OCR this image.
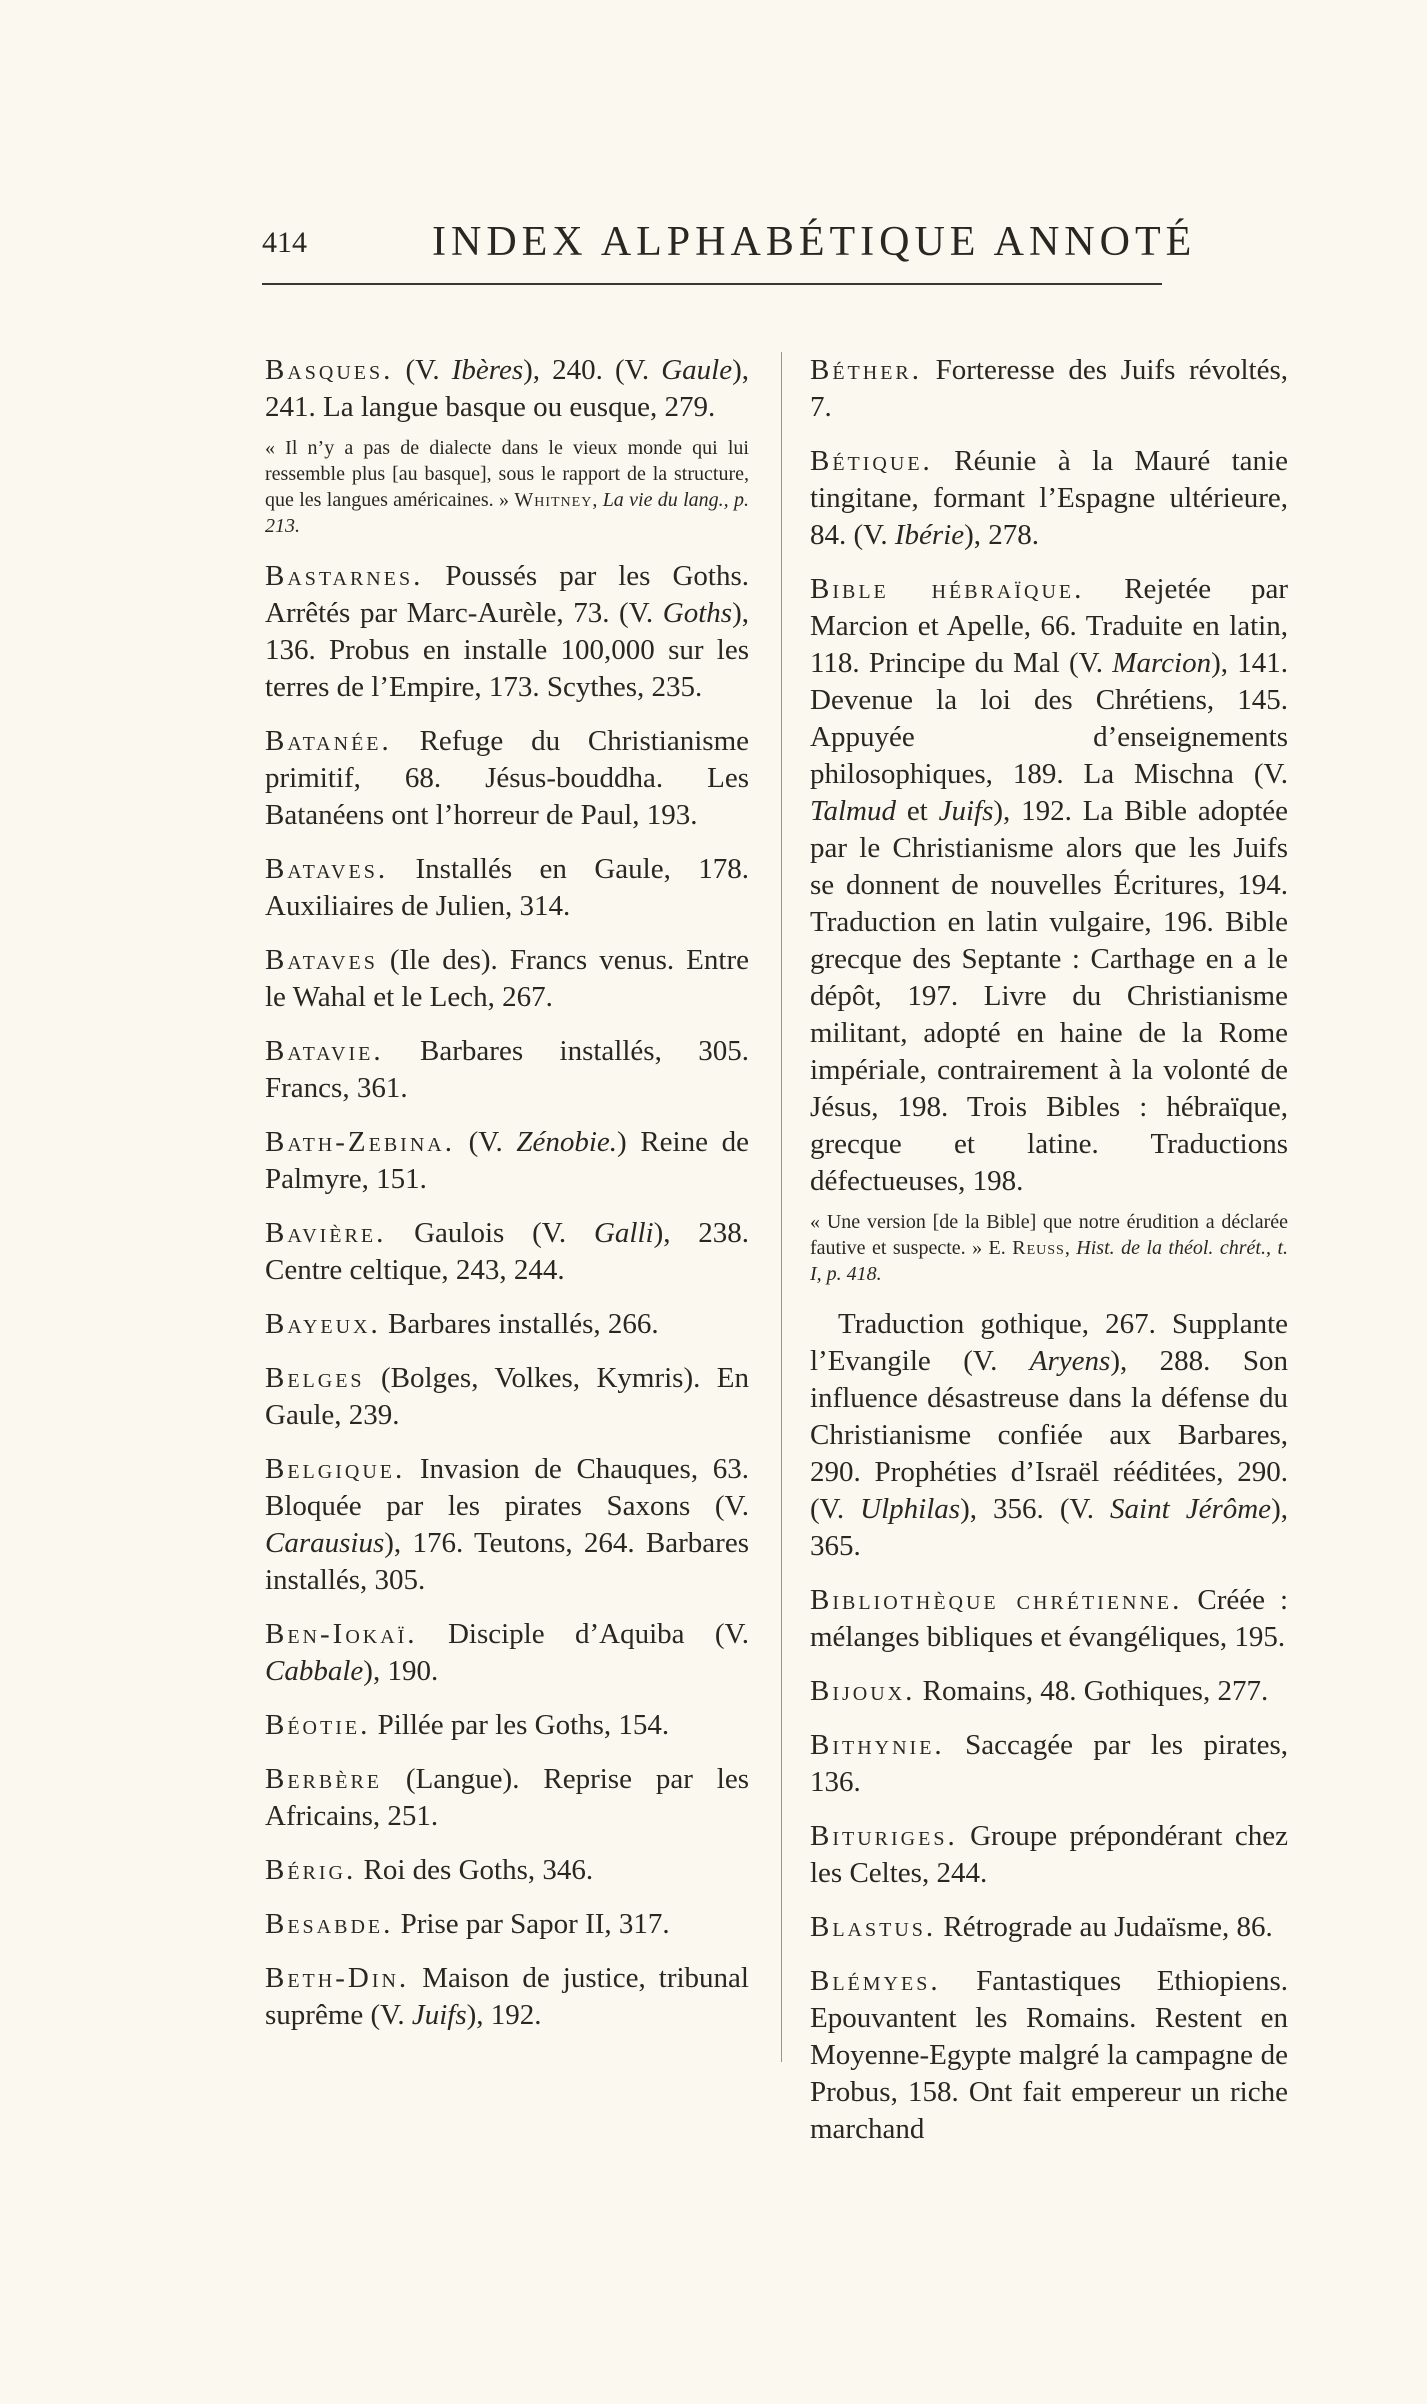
414	INDEX ALPHABÉTIQUE ANNOTÉ

Basques. (V. Ibères), 240. (V. Gaule), 241. La langue basque ou eusque, 279.

« Il n’y a pas de dialecte dans le vieux monde qui lui ressemble plus [au basque], sous le rapport de la structure, que les langues américaines. » Whitney, La vie du lang., p. 213.

Bastarnes. Poussés par les Goths. Arrêtés par Marc-Aurèle, 73. (V. Goths), 136. Probus en installe 100,000 sur les terres de l’Empire, 173. Scythes, 235.

Batanée. Refuge du Christianisme primitif, 68. Jésus-bouddha. Les Batanéens ont l’horreur de Paul, 193.

Bataves. Installés en Gaule, 178. Auxiliaires de Julien, 314.

Bataves (Ile des). Francs venus. Entre le Wahal et le Lech, 267.

Batavie. Barbares installés, 305. Francs, 361.

Bath-Zebina. (V. Zénobie.) Reine de Palmyre, 151.

Bavière. Gaulois (V. Galli), 238. Centre celtique, 243, 244.

Bayeux. Barbares installés, 266.

Belges (Bolges, Volkes, Kymris). En Gaule, 239.

Belgique. Invasion de Chauques, 63. Bloquée par les pirates Saxons (V. Carausius), 176. Teutons, 264. Barbares installés, 305.

Ben-Iokaï. Disciple d’Aquiba (V. Cabbale), 190.

Béotie. Pillée par les Goths, 154.

Berbère (Langue). Reprise par les Africains, 251.

Bérig. Roi des Goths, 346.

Besabde. Prise par Sapor II, 317.

Beth-Din. Maison de justice, tribunal suprême (V. Juifs), 192.

Béther. Forteresse des Juifs révoltés, 7.

Bétique. Réunie à la Mauré tanie tingitane, formant l’Espagne ultérieure, 84. (V. Ibérie), 278.

Bible hébraïque. Rejetée par Marcion et Apelle, 66. Traduite en latin, 118. Principe du Mal (V. Marcion), 141. Devenue la loi des Chrétiens, 145. Appuyée d’enseignements philosophiques, 189. La Mischna (V. Talmud et Juifs), 192. La Bible adoptée par le Christianisme alors que les Juifs se donnent de nouvelles Écritures, 194. Traduction en latin vulgaire, 196. Bible grecque des Septante : Carthage en a le dépôt, 197. Livre du Christianisme militant, adopté en haine de la Rome impériale, contrairement à la volonté de Jésus, 198. Trois Bibles : hébraïque, grecque et latine. Traductions défectueuses, 198.

« Une version [de la Bible] que notre érudition a déclarée fautive et suspecte. » E. Reuss, Hist. de la théol. chrét., t. I, p. 418.

Traduction gothique, 267. Supplante l’Evangile (V. Aryens), 288. Son influence désastreuse dans la défense du Christianisme confiée aux Barbares, 290. Prophéties d’Israël rééditées, 290. (V. Ulphilas), 356. (V. Saint Jérôme), 365.

Bibliothèque chrétienne. Créée : mélanges bibliques et évangéliques, 195.

Bijoux. Romains, 48. Gothiques, 277.

Bithynie. Saccagée par les pirates, 136.

Bituriges. Groupe prépondérant chez les Celtes, 244.

Blastus. Rétrograde au Judaïsme, 86.

Blémyes. Fantastiques Ethiopiens. Epouvantent les Romains. Restent en Moyenne-Egypte malgré la campagne de Probus, 158. Ont fait empereur un riche marchand
